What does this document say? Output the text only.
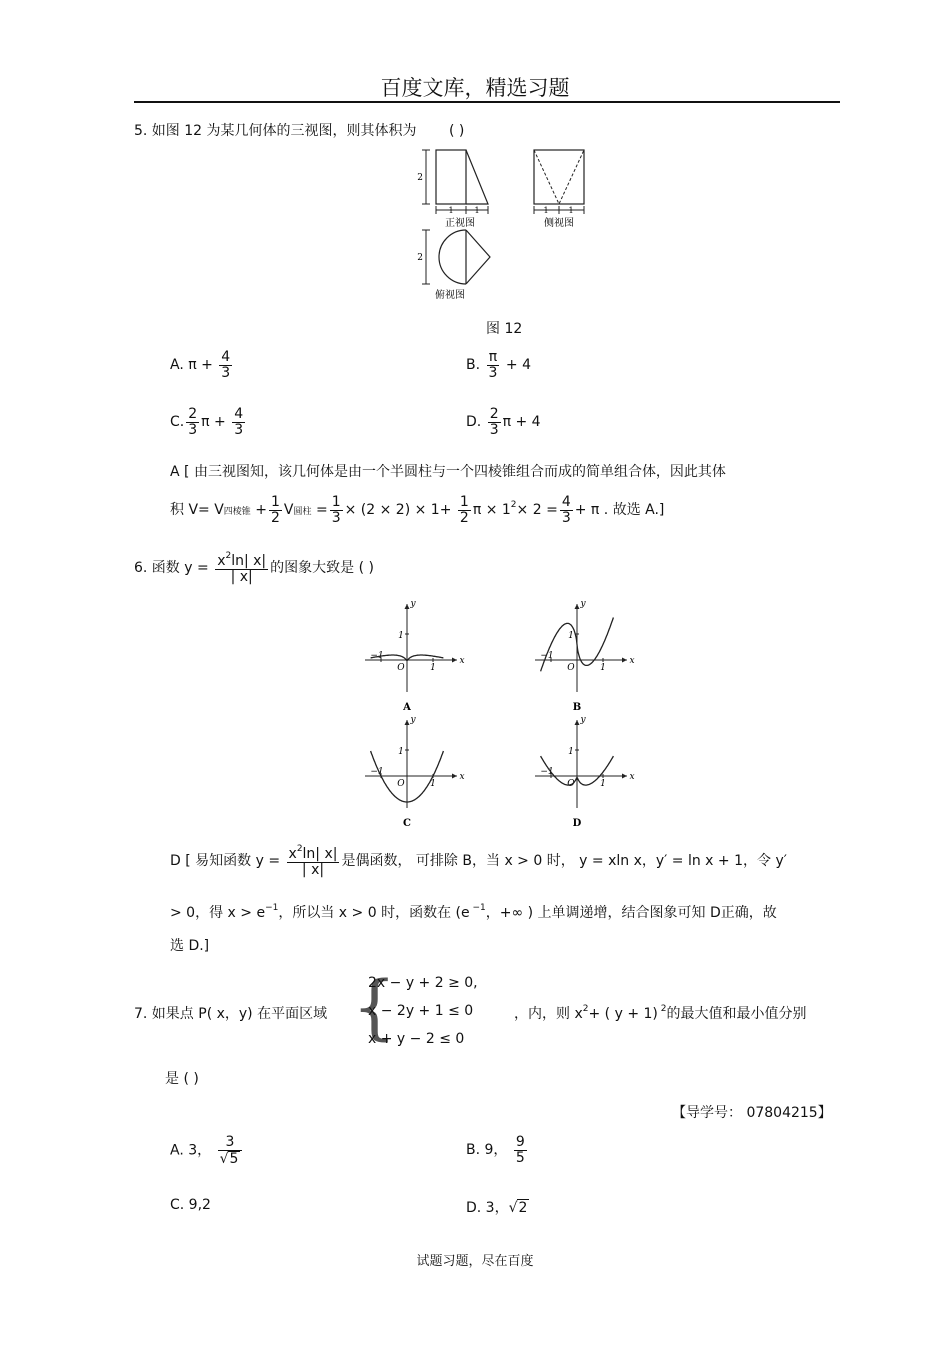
百度文库，精选习题
5. 如图 12 为某几何体的三视图，则其体积为 ( )
2
1	1
正视图
1 1
侧视图
2
俯视图
图 12
A. $\pi + \frac{4}{3}$	B. $\frac{\pi}{3} + 4$
C. $\frac{2}{3}$ $\pi + \frac{4}{3}$	D. $\frac{2}{3}$ π + 4
A [ 由三视图知，该几何体是由一个半圆柱与一个四棱锥组合而成的简单组合体，因此其体
积 V= V四棱锥 + $\frac{1}{2}$ V圆柱 = $\frac{1}{3} \times (2 \times 2) \times 1+ \frac{1}{2}$ $\pi \times 1^2\times 2 = \frac{4}{3} + \pi$ . 故选 A.]
6. 函数 $y = \frac{x^2\ln| x|}{| x|}$ 的图象大致是 ( )
y
x
O	1
−1
1
A
y
x
O	1
−1
1
B
y
x
O	1
−1
1
C
y
x
O	1
−1
1
D
D [ 易知函数 $y = \frac{x^2\ln| x|}{| x|}$ 是偶函数， 可排除 B，当 x > 0 时， y = xln x，y′ = ln x + 1，令 y′
> 0，得 $x > e^{-1}$，所以当 x > 0 时，函数在 (e $^{-1}$，+∞ ) 上单调递增，结合图象可知 D正确，故
选 D.]
7. 如果点 P( x，y) 在平面区域 {
2x − y + 2 ≥ 0,
x − 2y + 1 ≤ 0
x + y − 2 ≤ 0
，内，则 $x^2+$ ( y + 1) $^2$的最大值和最小值分别
是 ( )
【导学号： 07804215】
A. 3， $\frac{3}{√5}$	B. 9， $\frac{9}{5}$
C. 9,2	D. 3，√2
试题习题，尽在百度
